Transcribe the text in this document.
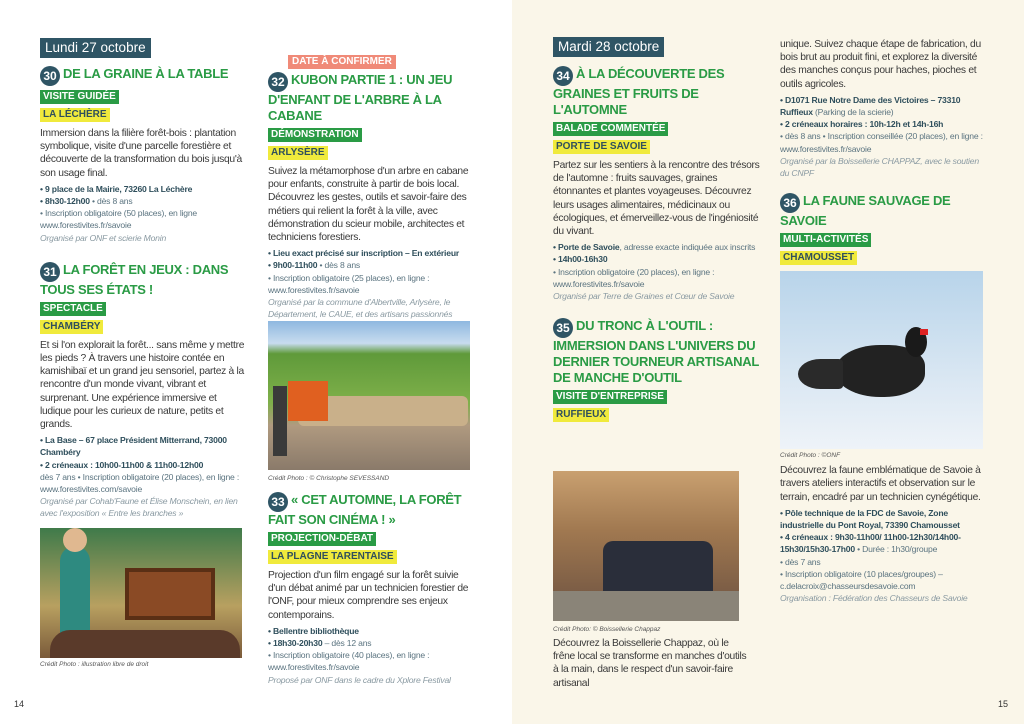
Lundi 27 octobre
30 DE LA GRAINE À LA TABLE
VISITE GUIDÉE
LA LÉCHÈRE
Immersion dans la filière forêt-bois : plantation symbolique, visite d'une parcelle forestière et découverte de la transformation du bois jusqu'à son usage final.
• 9 place de la Mairie, 73260 La Léchère
• 8h30-12h00 • dès 8 ans
• Inscription obligatoire (50 places), en ligne www.forestivites.fr/savoie
Organisé par ONF et scierie Monin
31 LA FORÊT EN JEUX : DANS TOUS SES ÉTATS !
SPECTACLE
CHAMBÉRY
Et si l'on explorait la forêt... sans même y mettre les pieds ? À travers une histoire contée en kamishibaï et un grand jeu sensoriel, partez à la rencontre d'un monde vivant, vibrant et surprenant. Une expérience immersive et ludique pour les curieux de nature, petits et grands.
• La Base – 67 place Président Mitterrand, 73000 Chambéry
• 2 créneaux : 10h00-11h00 & 11h00-12h00
dès 7 ans • Inscription obligatoire (20 places), en ligne : www.forestivites.com/savoie
Organisé par Cohab'Faune et Élise Monschein, en lien avec l'exposition « Entre les branches »
Crédit Photo : illustration libre de droit
14
DATE À CONFIRMER
32 KUBON PARTIE 1 : UN JEU D'ENFANT DE L'ARBRE À LA CABANE
DÉMONSTRATION
ARLYSÈRE
Suivez la métamorphose d'un arbre en cabane pour enfants, construite à partir de bois local. Découvrez les gestes, outils et savoir-faire des métiers qui relient la forêt à la ville, avec démonstration du scieur mobile, architectes et techniciens forestiers.
• Lieu exact précisé sur inscription – En extérieur
• 9h00-11h00 • dès 8 ans
• Inscription obligatoire (25 places), en ligne : www.forestivites.fr/savoie
Organisé par la commune d'Albertville, Arlysère, le Département, le CAUE, et des artisans passionnés
Crédit Photo : © Christophe SEVESSAND
33 « CET AUTOMNE, LA FORÊT FAIT SON CINÉMA ! »
PROJECTION-DÉBAT
LA PLAGNE TARENTAISE
Projection d'un film engagé sur la forêt suivie d'un débat animé par un technicien forestier de l'ONF, pour mieux comprendre ses enjeux contemporains.
• Bellentre bibliothèque
• 18h30-20h30 – dès 12 ans
• Inscription obligatoire (40 places), en ligne : www.forestivites.fr/savoie
Proposé par ONF dans le cadre du Xplore Festival
Mardi 28 octobre
34 À LA DÉCOUVERTE DES GRAINES ET FRUITS DE L'AUTOMNE
BALADE COMMENTÉE
PORTE DE SAVOIE
Partez sur les sentiers à la rencontre des trésors de l'automne : fruits sauvages, graines étonnantes et plantes voyageuses. Découvrez leurs usages alimentaires, médicinaux ou écologiques, et émerveillez-vous de l'ingéniosité du vivant.
• Porte de Savoie, adresse exacte indiquée aux inscrits
• 14h00-16h30
• Inscription obligatoire (20 places), en ligne : www.forestivites.fr/savoie
Organisé par Terre de Graines et Cœur de Savoie
35 DU TRONC À L'OUTIL : IMMERSION DANS L'UNIVERS DU DERNIER TOURNEUR ARTISANAL DE MANCHE D'OUTIL
VISITE D'ENTREPRISE
RUFFIEUX
Crédit Photo: © Boissellerie Chappaz
Découvrez la Boissellerie Chappaz, où le frêne local se transforme en manches d'outils à la main, dans le respect d'un savoir-faire artisanal
unique. Suivez chaque étape de fabrication, du bois brut au produit fini, et explorez la diversité des manches conçus pour haches, pioches et outils agricoles.
• D1071 Rue Notre Dame des Victoires – 73310 Ruffieux (Parking de la scierie)
• 2 créneaux horaires : 10h-12h et 14h-16h
• dès 8 ans • Inscription conseillée (20 places), en ligne : www.forestivites.fr/savoie
Organisé par la Boissellerie CHAPPAZ, avec le soutien du CNPF
36 LA FAUNE SAUVAGE DE SAVOIE
MULTI-ACTIVITÉS
CHAMOUSSET
Crédit Photo : ©ONF
Découvrez la faune emblématique de Savoie à travers ateliers interactifs et observation sur le terrain, encadré par un technicien cynégétique.
• Pôle technique de la FDC de Savoie, Zone industrielle du Pont Royal, 73390 Chamousset
• 4 créneaux : 9h30-11h00/ 11h00-12h30/14h00-15h30/15h30-17h00 • Durée : 1h30/groupe
• dès 7 ans
• Inscription obligatoire (10 places/groupes) – c.delacroix@chasseursdesavoie.com
Organisation : Fédération des Chasseurs de Savoie
15
